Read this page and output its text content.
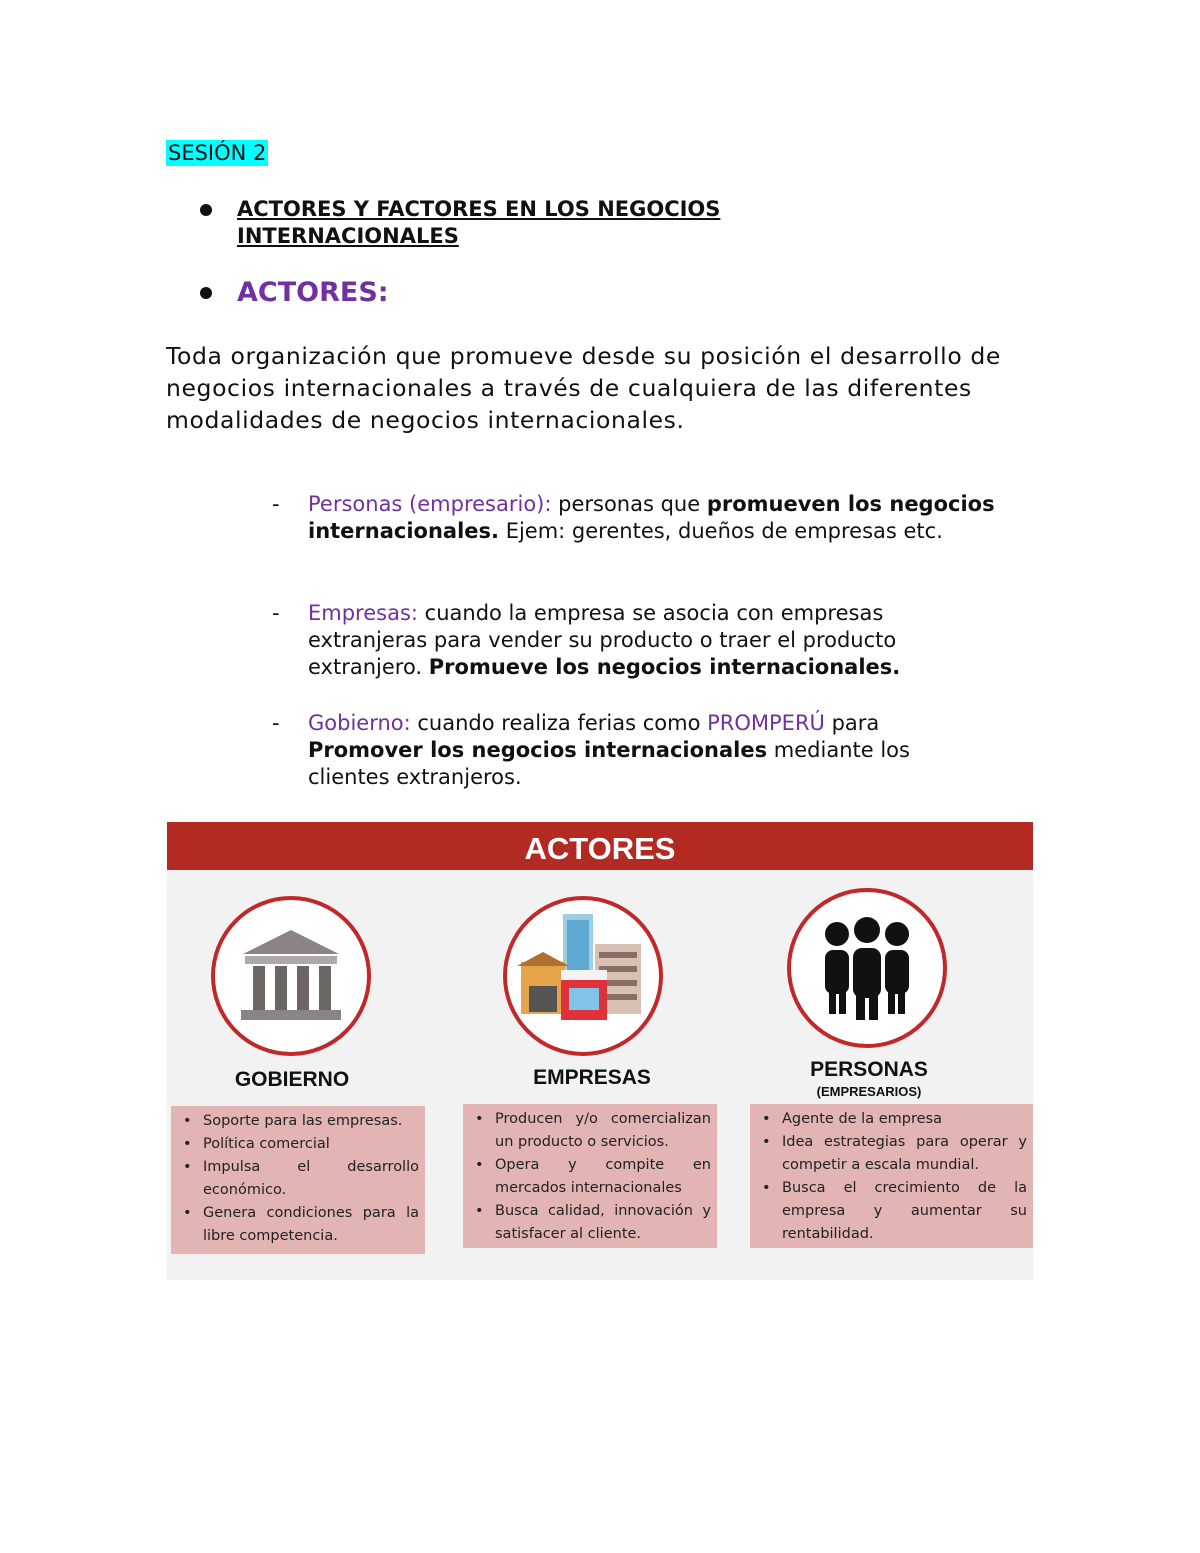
SESIÓN 2
ACTORES Y FACTORES EN LOS NEGOCIOS INTERNACIONALES
ACTORES:
Toda organización que promueve desde su posición el desarrollo de negocios internacionales a través de cualquiera de las diferentes modalidades de negocios internacionales.
- Personas (empresario): personas que promueven los negocios internacionales. Ejem: gerentes, dueños de empresas etc.
- Empresas: cuando la empresa se asocia con empresas extranjeras para vender su producto o traer el producto extranjero. Promueve los negocios internacionales.
- Gobierno: cuando realiza ferias como PROMPERÚ para Promover los negocios internacionales mediante los clientes extranjeros.
ACTORES
GOBIERNO	EMPRESAS	PERSONAS
(EMPRESARIOS)
• Soporte para las empresas.
• Política comercial
• Impulsa el desarrollo económico.
• Genera condiciones para la libre competencia.
• Producen y/o comercializan un producto o servicios.
• Opera y compite en mercados internacionales
• Busca calidad, innovación y satisfacer al cliente.
• Agente de la empresa
• Idea estrategias para operar y competir a escala mundial.
• Busca el crecimiento de la empresa y aumentar su rentabilidad.
